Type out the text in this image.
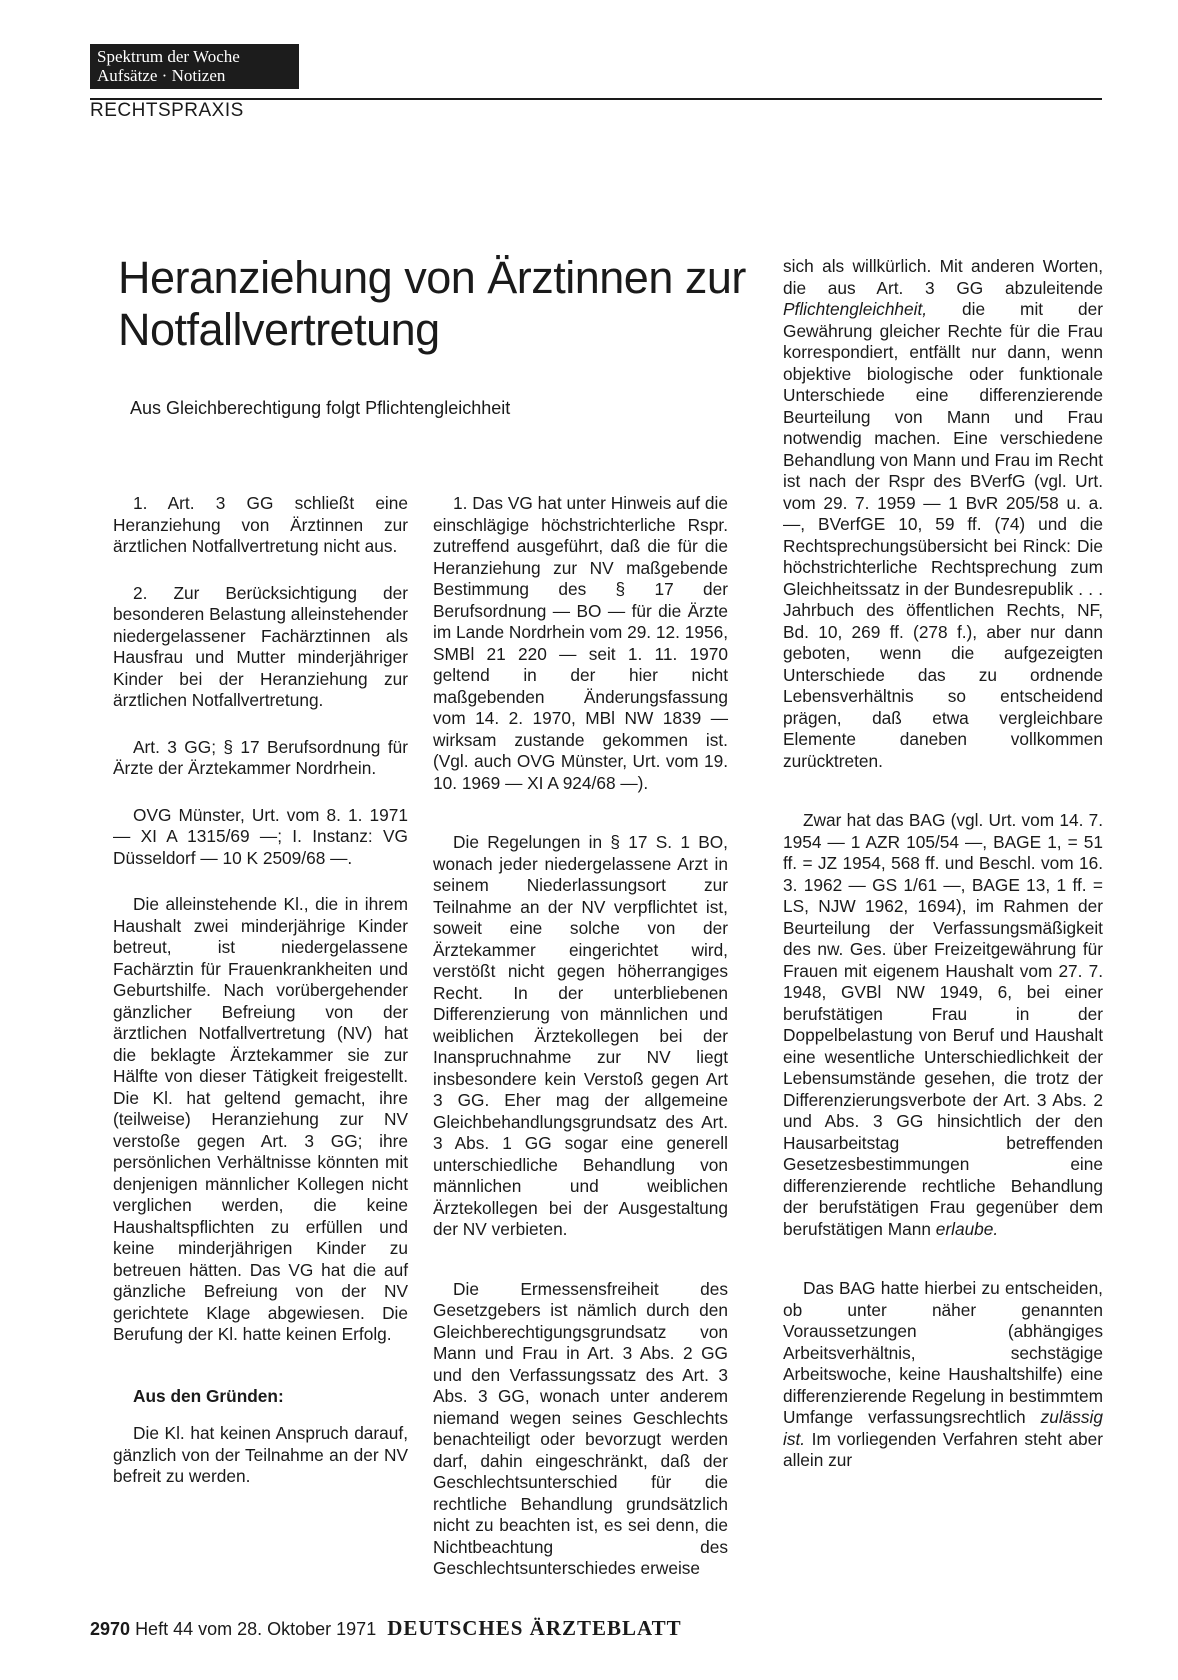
Spektrum der Woche
Aufsätze · Notizen
RECHTSPRAXIS
Heranziehung von Ärztinnen zur Notfallvertretung
Aus Gleichberechtigung folgt Pflichtengleichheit

1. Art. 3 GG schließt eine Heranziehung von Ärztinnen zur ärztlichen Notfallvertretung nicht aus.

2. Zur Berücksichtigung der besonderen Belastung alleinstehender niedergelassener Fachärztinnen als Hausfrau und Mutter minderjähriger Kinder bei der Heranziehung zur ärztlichen Notfallvertretung.

Art. 3 GG; § 17 Berufsordnung für Ärzte der Ärztekammer Nordrhein.

OVG Münster, Urt. vom 8. 1. 1971 — XI A 1315/69 —; I. Instanz: VG Düsseldorf — 10 K 2509/68 —.

Die alleinstehende Kl., die in ihrem Haushalt zwei minderjährige Kinder betreut, ist niedergelassene Fachärztin für Frauenkrankheiten und Geburtshilfe. Nach vorübergehender gänzlicher Befreiung von der ärztlichen Notfallvertretung (NV) hat die beklagte Ärztekammer sie zur Hälfte von dieser Tätigkeit freigestellt. Die Kl. hat geltend gemacht, ihre (teilweise) Heranziehung zur NV verstoße gegen Art. 3 GG; ihre persönlichen Verhältnisse könnten mit denjenigen männlicher Kollegen nicht verglichen werden, die keine Haushaltspflichten zu erfüllen und keine minderjährigen Kinder zu betreuen hätten. Das VG hat die auf gänzliche Befreiung von der NV gerichtete Klage abgewiesen. Die Berufung der Kl. hatte keinen Erfolg.

Aus den Gründen:

Die Kl. hat keinen Anspruch darauf, gänzlich von der Teilnahme an der NV befreit zu werden.

1. Das VG hat unter Hinweis auf die einschlägige höchstrichterliche Rspr. zutreffend ausgeführt, daß die für die Heranziehung zur NV maßgebende Bestimmung des § 17 der Berufsordnung — BO — für die Ärzte im Lande Nordrhein vom 29. 12. 1956, SMBl 21 220 — seit 1. 11. 1970 geltend in der hier nicht maßgebenden Änderungsfassung vom 14. 2. 1970, MBl NW 1839 — wirksam zustande gekommen ist. (Vgl. auch OVG Münster, Urt. vom 19. 10. 1969 — XI A 924/68 —).

Die Regelungen in § 17 S. 1 BO, wonach jeder niedergelassene Arzt in seinem Niederlassungsort zur Teilnahme an der NV verpflichtet ist, soweit eine solche von der Ärztekammer eingerichtet wird, verstößt nicht gegen höherrangiges Recht. In der unterbliebenen Differenzierung von männlichen und weiblichen Ärztekollegen bei der Inanspruchnahme zur NV liegt insbesondere kein Verstoß gegen Art 3 GG. Eher mag der allgemeine Gleichbehandlungsgrundsatz des Art. 3 Abs. 1 GG sogar eine generell unterschiedliche Behandlung von männlichen und weiblichen Ärztekollegen bei der Ausgestaltung der NV verbieten.

Die Ermessensfreiheit des Gesetzgebers ist nämlich durch den Gleichberechtigungsgrundsatz von Mann und Frau in Art. 3 Abs. 2 GG und den Verfassungssatz des Art. 3 Abs. 3 GG, wonach unter anderem niemand wegen seines Geschlechts benachteiligt oder bevorzugt werden darf, dahin eingeschränkt, daß der Geschlechtsunterschied für die rechtliche Behandlung grundsätzlich nicht zu beachten ist, es sei denn, die Nichtbeachtung des Geschlechtsunterschiedes erweise

sich als willkürlich. Mit anderen Worten, die aus Art. 3 GG abzuleitende Pflichtengleichheit, die mit der Gewährung gleicher Rechte für die Frau korrespondiert, entfällt nur dann, wenn objektive biologische oder funktionale Unterschiede eine differenzierende Beurteilung von Mann und Frau notwendig machen. Eine verschiedene Behandlung von Mann und Frau im Recht ist nach der Rspr des BVerfG (vgl. Urt. vom 29. 7. 1959 — 1 BvR 205/58 u. a. —, BVerfGE 10, 59 ff. (74) und die Rechtsprechungsübersicht bei Rinck: Die höchstrichterliche Rechtsprechung zum Gleichheitssatz in der Bundesrepublik . . . Jahrbuch des öffentlichen Rechts, NF, Bd. 10, 269 ff. (278 f.), aber nur dann geboten, wenn die aufgezeigten Unterschiede das zu ordnende Lebensverhältnis so entscheidend prägen, daß etwa vergleichbare Elemente daneben vollkommen zurücktreten.

Zwar hat das BAG (vgl. Urt. vom 14. 7. 1954 — 1 AZR 105/54 —, BAGE 1, = 51 ff. = JZ 1954, 568 ff. und Beschl. vom 16. 3. 1962 — GS 1/61 —, BAGE 13, 1 ff. = LS, NJW 1962, 1694), im Rahmen der Beurteilung der Verfassungsmäßigkeit des nw. Ges. über Freizeitgewährung für Frauen mit eigenem Haushalt vom 27. 7. 1948, GVBl NW 1949, 6, bei einer berufstätigen Frau in der Doppelbelastung von Beruf und Haushalt eine wesentliche Unterschiedlichkeit der Lebensumstände gesehen, die trotz der Differenzierungsverbote der Art. 3 Abs. 2 und Abs. 3 GG hinsichtlich der den Hausarbeitstag betreffenden Gesetzesbestimmungen eine differenzierende rechtliche Behandlung der berufstätigen Frau gegenüber dem berufstätigen Mann erlaube.

Das BAG hatte hierbei zu entscheiden, ob unter näher genannten Voraussetzungen (abhängiges Arbeitsverhältnis, sechstägige Arbeitswoche, keine Haushaltshilfe) eine differenzierende Regelung in bestimmtem Umfange verfassungsrechtlich zulässig ist. Im vorliegenden Verfahren steht aber allein zur

2970 Heft 44 vom 28. Oktober 1971 DEUTSCHES ÄRZTEBLATT
